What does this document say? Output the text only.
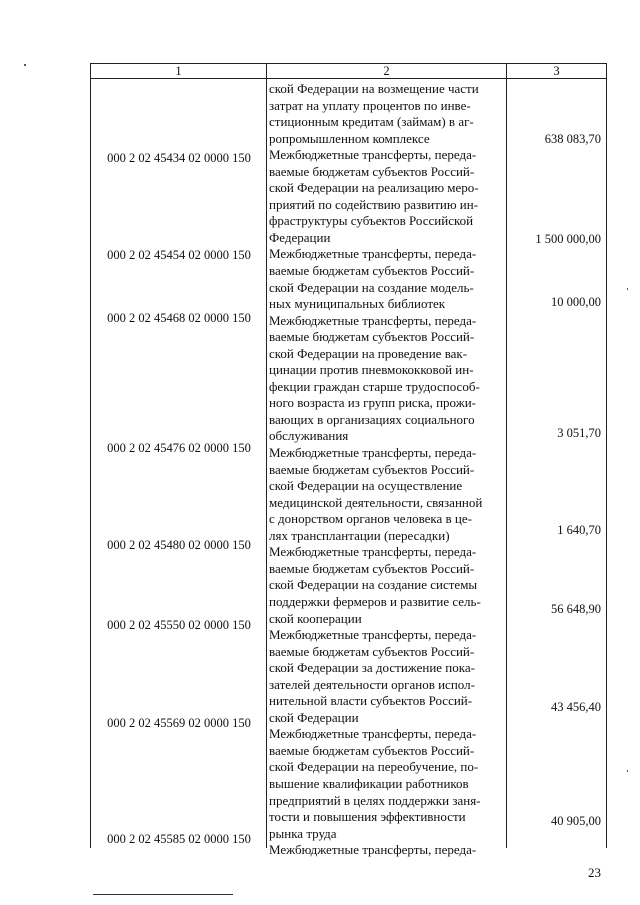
1	2	3
ской Федерации на возмещение части
затрат на уплату процентов по инве-
стиционным кредитам (займам) в аг-
ропромышленном комплексе
Межбюджетные трансферты, переда-
ваемые бюджетам субъектов Россий-
ской Федерации на реализацию меро-
приятий по содействию развитию ин-
фраструктуры субъектов Российской
Федерации
Межбюджетные трансферты, переда-
ваемые бюджетам субъектов Россий-
ской Федерации на создание модель-
ных муниципальных библиотек
Межбюджетные трансферты, переда-
ваемые бюджетам субъектов Россий-
ской Федерации на проведение вак-
цинации против пневмококковой ин-
фекции граждан старше трудоспособ-
ного возраста из групп риска, прожи-
вающих в организациях социального
обслуживания
Межбюджетные трансферты, переда-
ваемые бюджетам субъектов Россий-
ской Федерации на осуществление
медицинской деятельности, связанной
с донорством органов человека в це-
лях трансплантации (пересадки)
Межбюджетные трансферты, переда-
ваемые бюджетам субъектов Россий-
ской Федерации на создание системы
поддержки фермеров и развитие сель-
ской кооперации
Межбюджетные трансферты, переда-
ваемые бюджетам субъектов Россий-
ской Федерации за достижение пока-
зателей деятельности органов испол-
нительной власти субъектов Россий-
ской Федерации
Межбюджетные трансферты, переда-
ваемые бюджетам субъектов Россий-
ской Федерации на переобучение, по-
вышение квалификации работников
предприятий в целях поддержки заня-
тости и повышения эффективности
рынка труда
Межбюджетные трансферты, переда-
638 083,70
1 500 000,00
10 000,00
3 051,70
1 640,70
56 648,90
43 456,40
40 905,00
000 2 02 45434 02 0000 150
000 2 02 45454 02 0000 150
000 2 02 45468 02 0000 150
000 2 02 45476 02 0000 150
000 2 02 45480 02 0000 150
000 2 02 45550 02 0000 150
000 2 02 45569 02 0000 150
000 2 02 45585 02 0000 150
23
